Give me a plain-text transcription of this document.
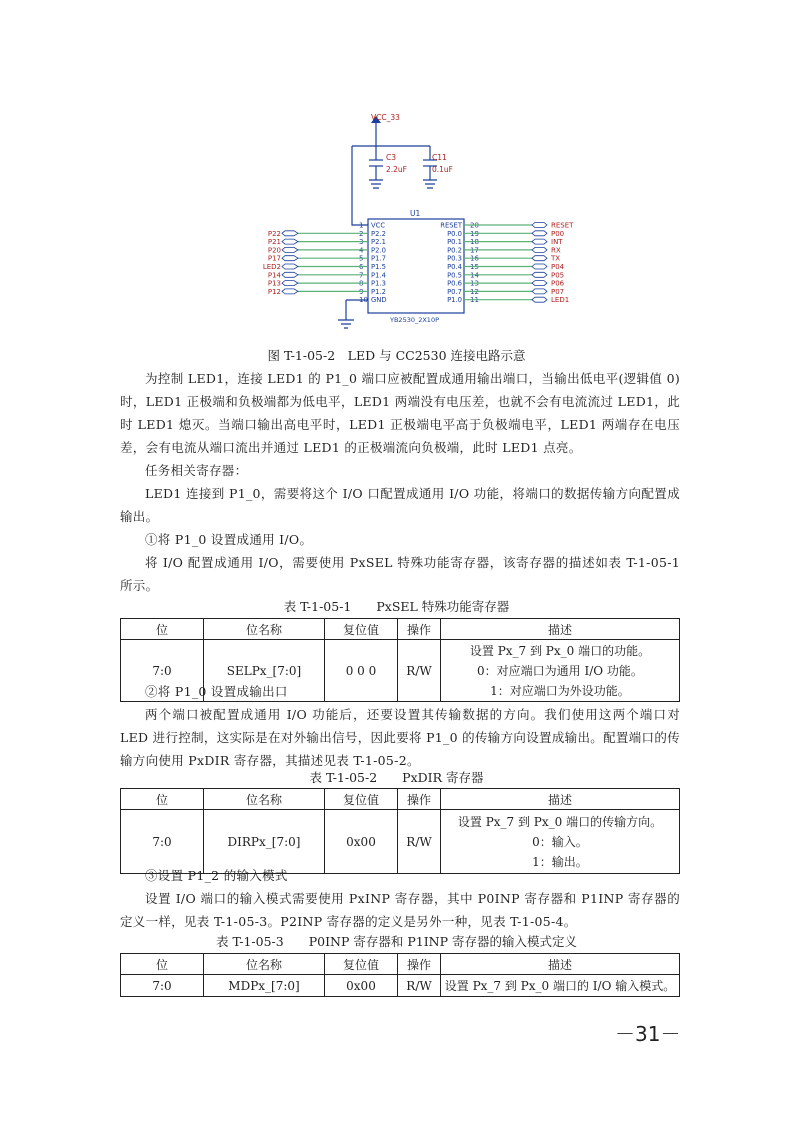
VCC_33
C3
2.2uF
C11
0.1uF
U1
YB2530_2X10P
1 VCC
2 P2.2
P22
3 P2.1
P21
4 P2.0
P20
5 P1.7
P17
6 P1.5
LED2
7 P1.4
P14
8 P1.3
P13
9 P1.2
P12
10 GND
20
RESET	RESET
19
P0.0	P00
18
P0.1	INT
17
P0.2	RX
16
P0.3	TX
15
P0.4	P04
14
P0.5	P05
13
P0.6	P06
12
P0.7	P07
11
P1.0	LED1
图 T-1-05-2　LED 与 CC2530 连接电路示意
为控制 LED1，连接 LED1 的 P1_0 端口应被配置成通用输出端口，当输出低电平(逻辑值 0)时，LED1 正极端和负极端都为低电平，LED1 两端没有电压差，也就不会有电流流过 LED1，此时 LED1 熄灭。当端口输出高电平时，LED1 正极端电平高于负极端电平，LED1 两端存在电压差，会有电流从端口流出并通过 LED1 的正极端流向负极端，此时 LED1 点亮。
任务相关寄存器：
LED1 连接到 P1_0，需要将这个 I/O 口配置成通用 I/O 功能，将端口的数据传输方向配置成输出。
①将 P1_0 设置成通用 I/O。
将 I/O 配置成通用 I/O，需要使用 PxSEL 特殊功能寄存器，该寄存器的描述如表 T-1-05-1 所示。
表 T-1-05-1　　PxSEL 特殊功能寄存器
位	位名称	复位值	操作	描述
7:0	SELPx_[7:0]	0 0 0	R/W	设置 Px_7 到 Px_0 端口的功能。
0：对应端口为通用 I/O 功能。
1：对应端口为外设功能。
②将 P1_0 设置成输出口
两个端口被配置成通用 I/O 功能后，还要设置其传输数据的方向。我们使用这两个端口对 LED 进行控制，这实际是在对外输出信号，因此要将 P1_0 的传输方向设置成输出。配置端口的传输方向使用 PxDIR 寄存器，其描述见表 T-1-05-2。
表 T-1-05-2　　PxDIR 寄存器
位	位名称	复位值	操作	描述
7:0	DIRPx_[7:0]	0x00	R/W	设置 Px_7 到 Px_0 端口的传输方向。
0：输入。
1：输出。
③设置 P1_2 的输入模式
设置 I/O 端口的输入模式需要使用 PxINP 寄存器，其中 P0INP 寄存器和 P1INP 寄存器的定义一样，见表 T-1-05-3。P2INP 寄存器的定义是另外一种，见表 T-1-05-4。
表 T-1-05-3　　P0INP 寄存器和 P1INP 寄存器的输入模式定义
位	位名称	复位值	操作	描述
7:0	MDPx_[7:0]	0x00	R/W	设置 Px_7 到 Px_0 端口的 I/O 输入模式。
－31－
